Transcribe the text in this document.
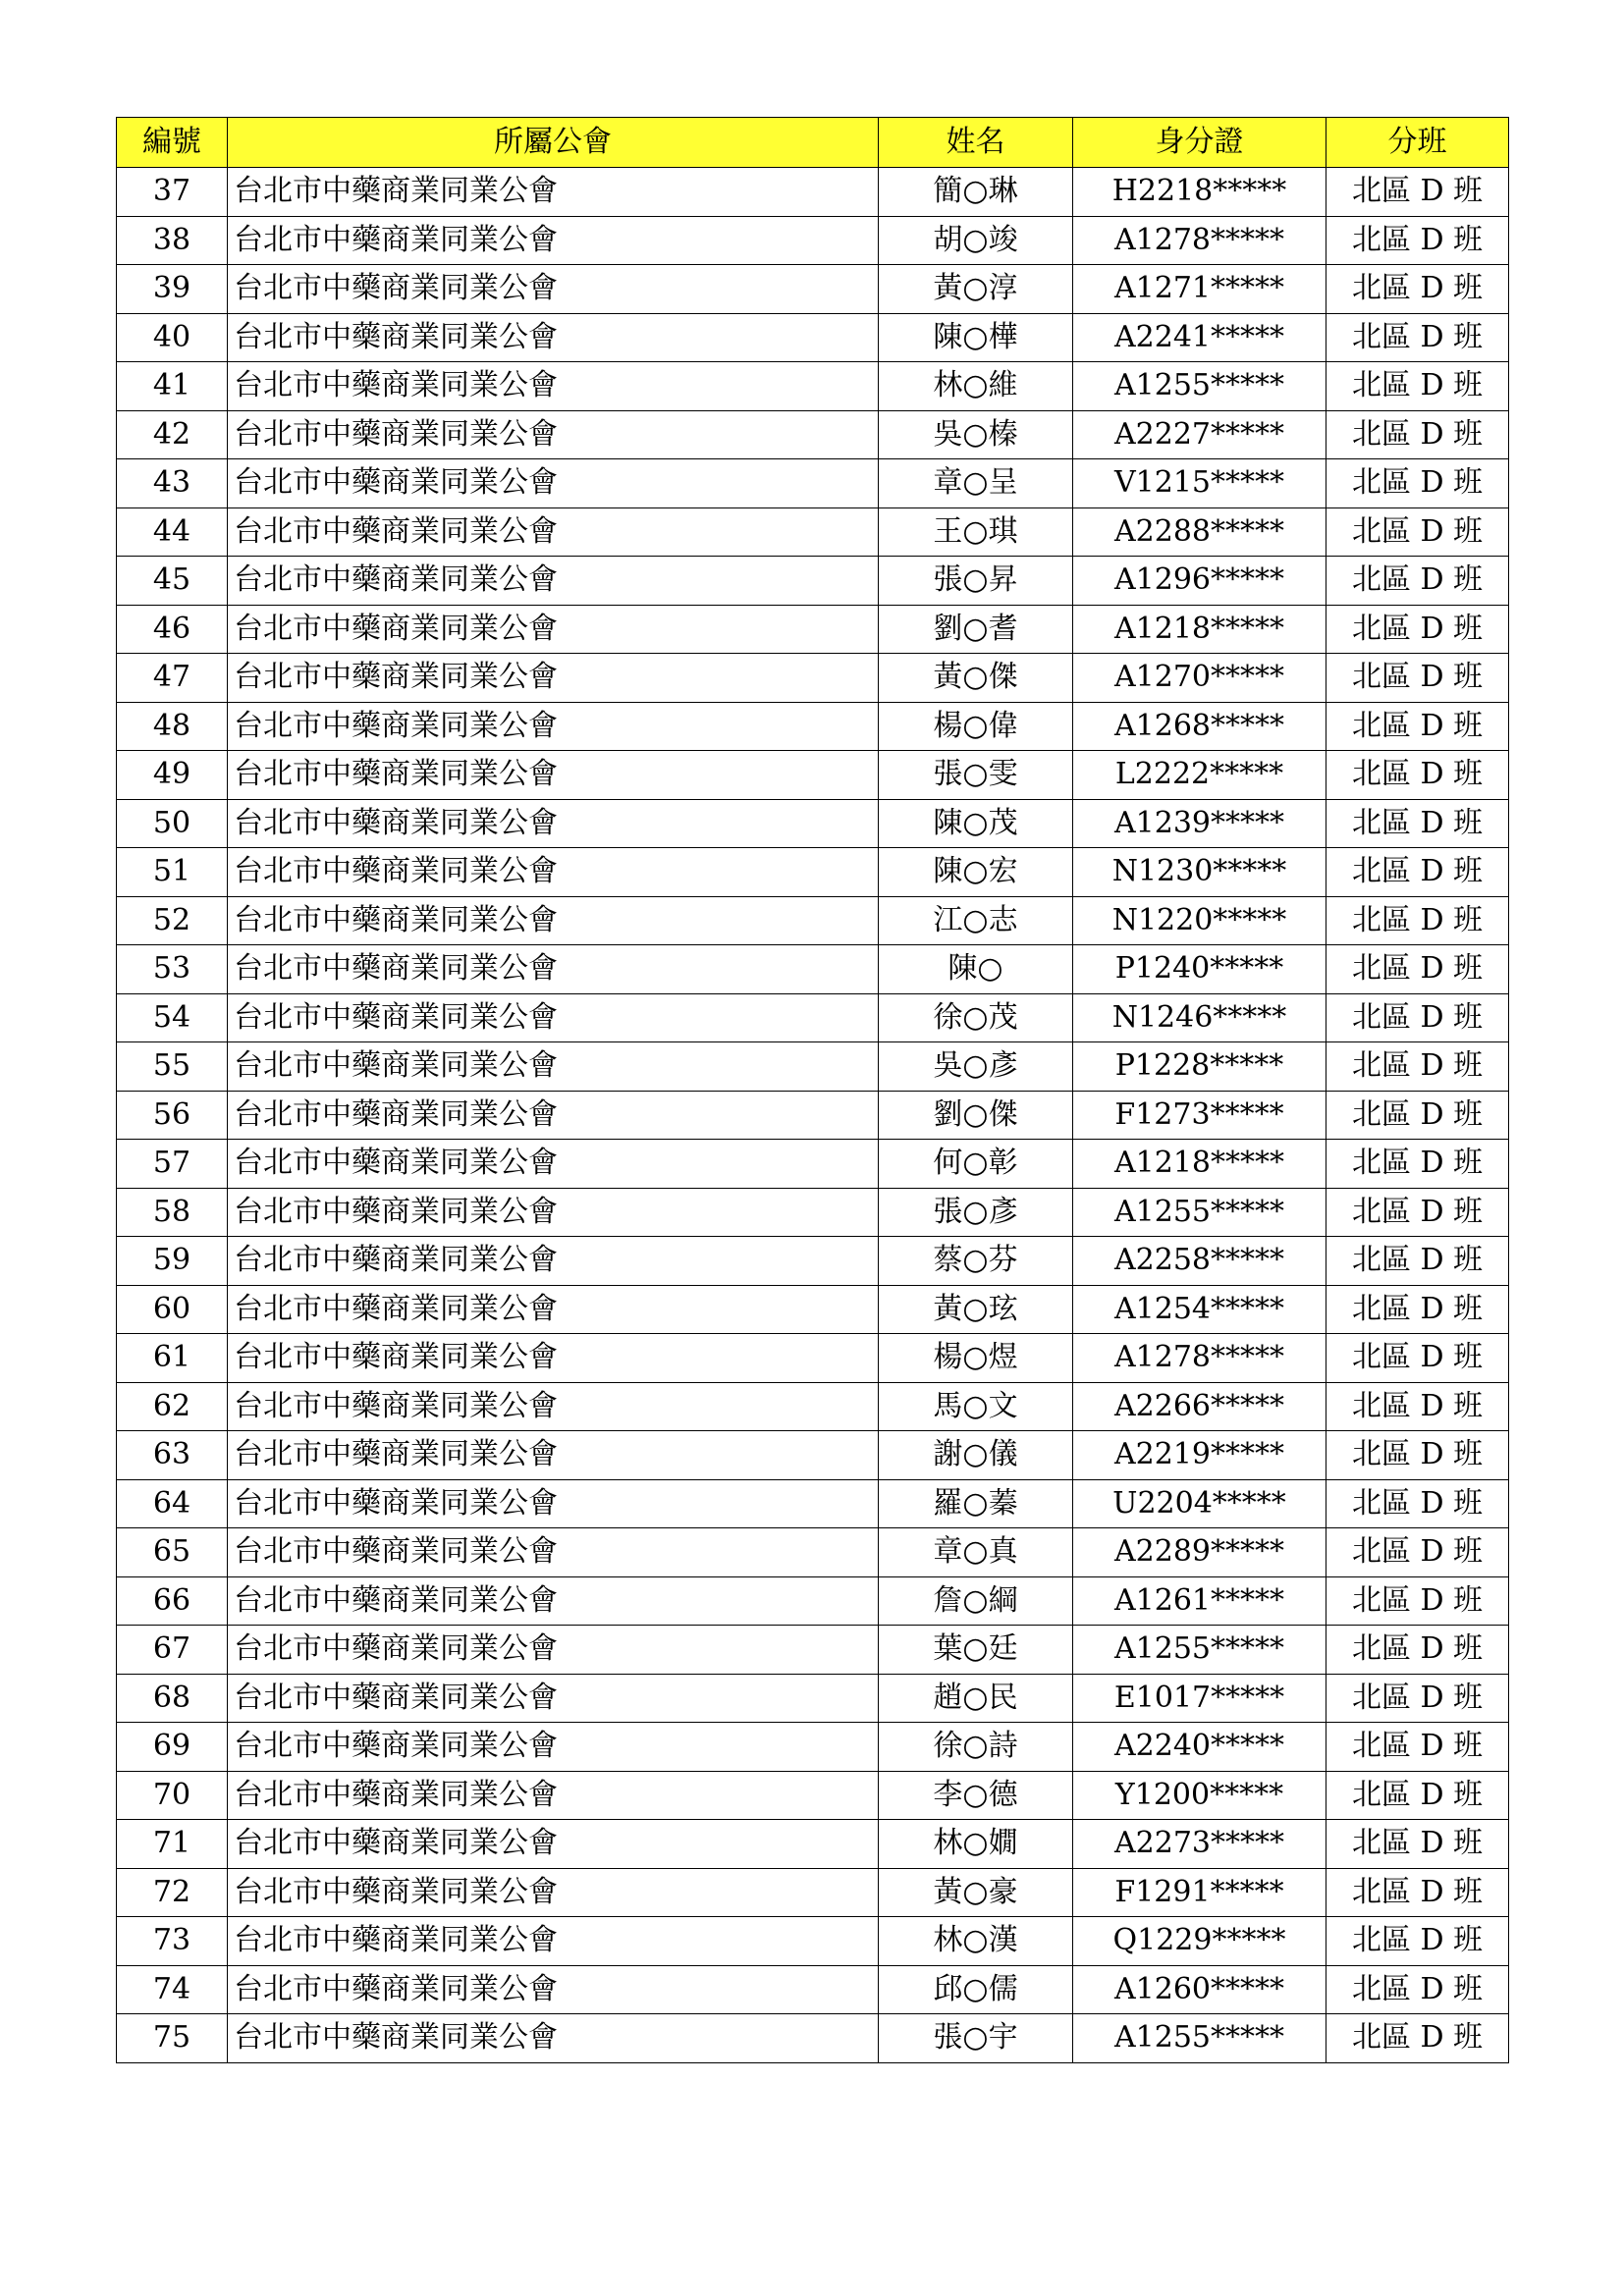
編號	所屬公會	姓名	身分證	分班
37	台北市中藥商業同業公會	簡○琳	H2218*****	北區 D 班
38	台北市中藥商業同業公會	胡○竣	A1278*****	北區 D 班
39	台北市中藥商業同業公會	黃○淳	A1271*****	北區 D 班
40	台北市中藥商業同業公會	陳○樺	A2241*****	北區 D 班
41	台北市中藥商業同業公會	林○維	A1255*****	北區 D 班
42	台北市中藥商業同業公會	吳○榛	A2227*****	北區 D 班
43	台北市中藥商業同業公會	章○呈	V1215*****	北區 D 班
44	台北市中藥商業同業公會	王○琪	A2288*****	北區 D 班
45	台北市中藥商業同業公會	張○昇	A1296*****	北區 D 班
46	台北市中藥商業同業公會	劉○耆	A1218*****	北區 D 班
47	台北市中藥商業同業公會	黃○傑	A1270*****	北區 D 班
48	台北市中藥商業同業公會	楊○偉	A1268*****	北區 D 班
49	台北市中藥商業同業公會	張○雯	L2222*****	北區 D 班
50	台北市中藥商業同業公會	陳○茂	A1239*****	北區 D 班
51	台北市中藥商業同業公會	陳○宏	N1230*****	北區 D 班
52	台北市中藥商業同業公會	江○志	N1220*****	北區 D 班
53	台北市中藥商業同業公會	陳○	P1240*****	北區 D 班
54	台北市中藥商業同業公會	徐○茂	N1246*****	北區 D 班
55	台北市中藥商業同業公會	吳○彥	P1228*****	北區 D 班
56	台北市中藥商業同業公會	劉○傑	F1273*****	北區 D 班
57	台北市中藥商業同業公會	何○彰	A1218*****	北區 D 班
58	台北市中藥商業同業公會	張○彥	A1255*****	北區 D 班
59	台北市中藥商業同業公會	蔡○芬	A2258*****	北區 D 班
60	台北市中藥商業同業公會	黃○玹	A1254*****	北區 D 班
61	台北市中藥商業同業公會	楊○煜	A1278*****	北區 D 班
62	台北市中藥商業同業公會	馬○文	A2266*****	北區 D 班
63	台北市中藥商業同業公會	謝○儀	A2219*****	北區 D 班
64	台北市中藥商業同業公會	羅○蓁	U2204*****	北區 D 班
65	台北市中藥商業同業公會	章○真	A2289*****	北區 D 班
66	台北市中藥商業同業公會	詹○綱	A1261*****	北區 D 班
67	台北市中藥商業同業公會	葉○廷	A1255*****	北區 D 班
68	台北市中藥商業同業公會	趙○民	E1017*****	北區 D 班
69	台北市中藥商業同業公會	徐○詩	A2240*****	北區 D 班
70	台北市中藥商業同業公會	李○德	Y1200*****	北區 D 班
71	台北市中藥商業同業公會	林○嫺	A2273*****	北區 D 班
72	台北市中藥商業同業公會	黃○豪	F1291*****	北區 D 班
73	台北市中藥商業同業公會	林○漢	Q1229*****	北區 D 班
74	台北市中藥商業同業公會	邱○儒	A1260*****	北區 D 班
75	台北市中藥商業同業公會	張○宇	A1255*****	北區 D 班
